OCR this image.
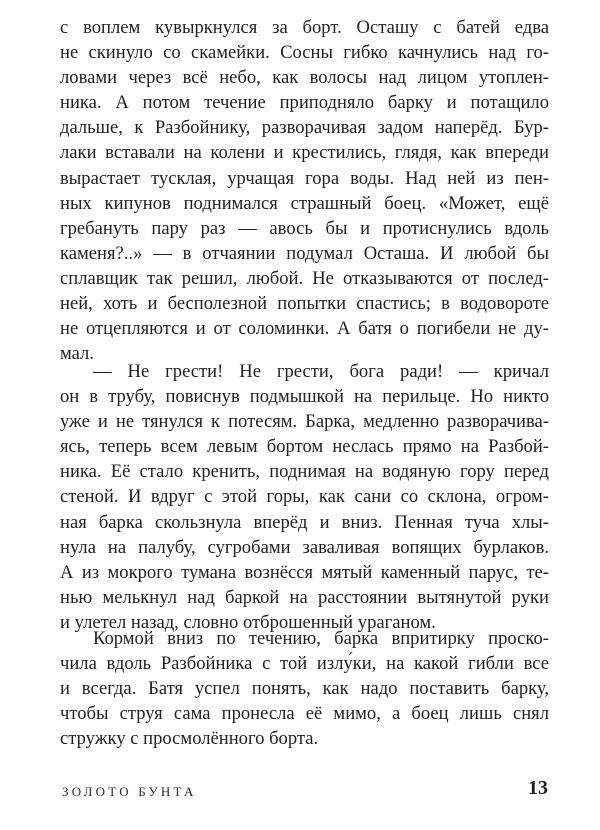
с воплем кувыркнулся за борт. Осташу с батей едва
не скинуло со скамейки. Сосны гибко качнулись над го-
ловами через всё небо, как волосы над лицом утоплен-
ника. А потом течение приподняло барку и потащило
дальше, к Разбойнику, разворачивая задом наперёд. Бур-
лаки вставали на колени и крестились, глядя, как впереди
вырастает тусклая, урчащая гора воды. Над ней из пен-
ных кипунов поднимался страшный боец. «Может, ещё
гребануть пару раз — авось бы и протиснулись вдоль
каменя?..» — в отчаянии подумал Осташа. И любой бы
сплавщик так решил, любой. Не отказываются от послед-
ней, хоть и бесполезной попытки спастись; в водовороте
не отцепляются и от соломинки. А батя о погибели не ду-
мал.
— Не грести! Не грести, бога ради! — кричал
он в трубу, повиснув подмышкой на перильце. Но никто
уже и не тянулся к потесям. Барка, медленно разворачива-
ясь, теперь всем левым бортом неслась прямо на Разбой-
ника. Её стало кренить, поднимая на водяную гору перед
стеной. И вдруг с этой горы, как сани со склона, огром-
ная барка скользнула вперёд и вниз. Пенная туча хлы-
нула на палубу, сугробами заваливая вопящих бурлаков.
А из мокрого тумана вознёсся мятый каменный парус, те-
нью мелькнул над баркой на расстоянии вытянутой руки
и улетел назад, словно отброшенный ураганом.
Кормой вниз по течению, барка впритирку проско-
чила вдоль Разбойника с той излу́ки, на какой гибли все
и всегда. Батя успел понять, как надо поставить барку,
чтобы струя сама пронесла её мимо, а боец лишь снял
стружку с просмолённого борта.
ЗОЛОТО БУНТА	13
